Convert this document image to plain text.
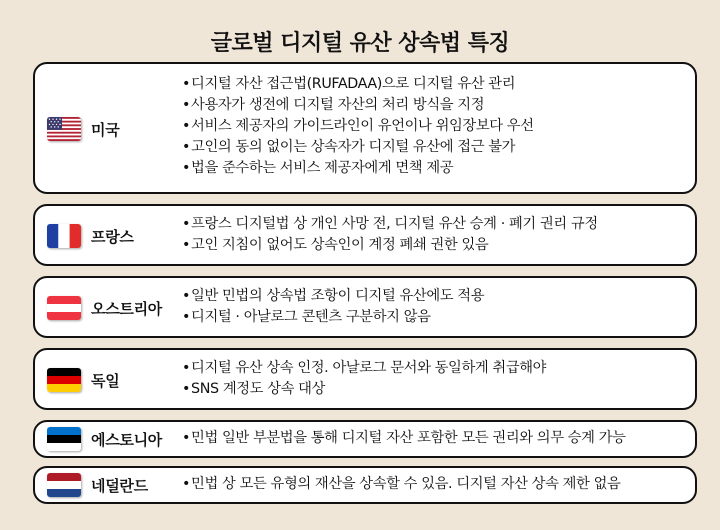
글로벌 디지털 유산 상속법 특징
미국
• 디지털 자산 접근법(RUFADAA)으로 디지털 유산 관리
• 사용자가 생전에 디지털 자산의 처리 방식을 지정
• 서비스 제공자의 가이드라인이 유언이나 위임장보다 우선
• 고인의 동의 없이는 상속자가 디지털 유산에 접근 불가
• 법을 준수하는 서비스 제공자에게 면책 제공
프랑스
• 프랑스 디지털법 상 개인 사망 전, 디지털 유산 승계 · 폐기 권리 규정
• 고인 지침이 없어도 상속인이 계정 폐쇄 권한 있음
오스트리아
• 일반 민법의 상속법 조항이 디지털 유산에도 적용
• 디지털 · 아날로그 콘텐츠 구분하지 않음
독일
• 디지털 유산 상속 인정. 아날로그 문서와 동일하게 취급해야
• SNS 계정도 상속 대상
에스토니아	• 민법 일반 부분법을 통해 디지털 자산 포함한 모든 권리와 의무 승계 가능
네덜란드	• 민법 상 모든 유형의 재산을 상속할 수 있음. 디지털 자산 상속 제한 없음
